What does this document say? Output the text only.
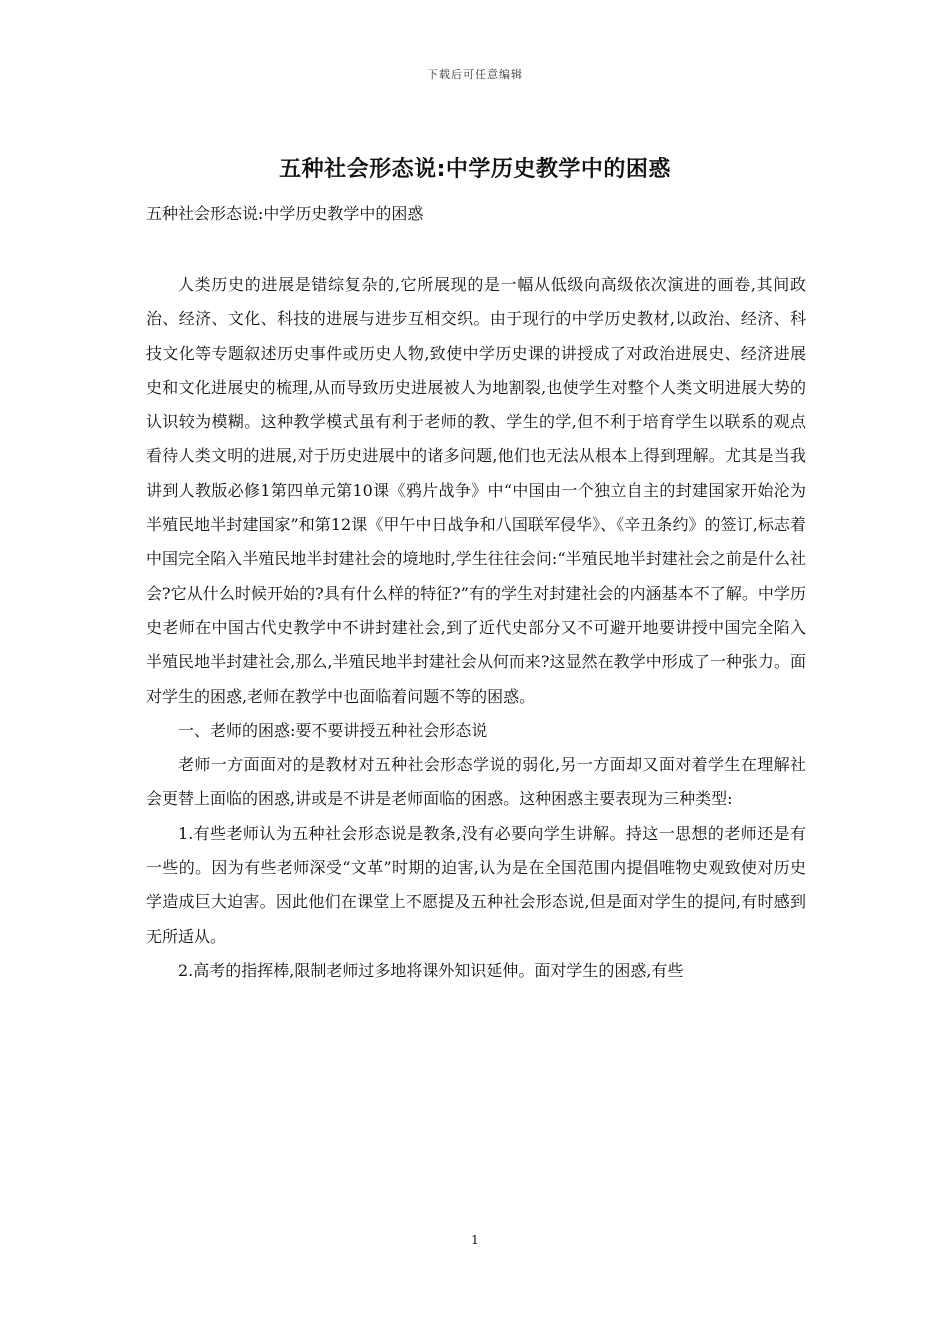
下载后可任意编辑
五种社会形态说:中学历史教学中的困惑
五种社会形态说:中学历史教学中的困惑

人类历史的进展是错综复杂的,它所展现的是一幅从低级向高级依次演进的画卷,其间政治、经济、文化、科技的进展与进步互相交织。由于现行的中学历史教材,以政治、经济、科技文化等专题叙述历史事件或历史人物,致使中学历史课的讲授成了对政治进展史、经济进展史和文化进展史的梳理,从而导致历史进展被人为地割裂,也使学生对整个人类文明进展大势的认识较为模糊。这种教学模式虽有利于老师的教、学生的学,但不利于培育学生以联系的观点看待人类文明的进展,对于历史进展中的诸多问题,他们也无法从根本上得到理解。尤其是当我讲到人教版必修1第四单元第10课《鸦片战争》中“中国由一个独立自主的封建国家开始沦为半殖民地半封建国家”和第12课《甲午中日战争和八国联军侵华》、《辛丑条约》的签订,标志着中国完全陷入半殖民地半封建社会的境地时,学生往往会问:“半殖民地半封建社会之前是什么社会?它从什么时候开始的?具有什么样的特征?”有的学生对封建社会的内涵基本不了解。中学历史老师在中国古代史教学中不讲封建社会,到了近代史部分又不可避开地要讲授中国完全陷入半殖民地半封建社会,那么,半殖民地半封建社会从何而来?这显然在教学中形成了一种张力。面对学生的困惑,老师在教学中也面临着问题不等的困惑。

一、老师的困惑:要不要讲授五种社会形态说

老师一方面面对的是教材对五种社会形态学说的弱化,另一方面却又面对着学生在理解社会更替上面临的困惑,讲或是不讲是老师面临的困惑。这种困惑主要表现为三种类型:

1.有些老师认为五种社会形态说是教条,没有必要向学生讲解。持这一思想的老师还是有一些的。因为有些老师深受“文革”时期的迫害,认为是在全国范围内提倡唯物史观致使对历史学造成巨大迫害。因此他们在课堂上不愿提及五种社会形态说,但是面对学生的提问,有时感到无所适从。

2.高考的指挥棒,限制老师过多地将课外知识延伸。面对学生的困惑,有些

1
